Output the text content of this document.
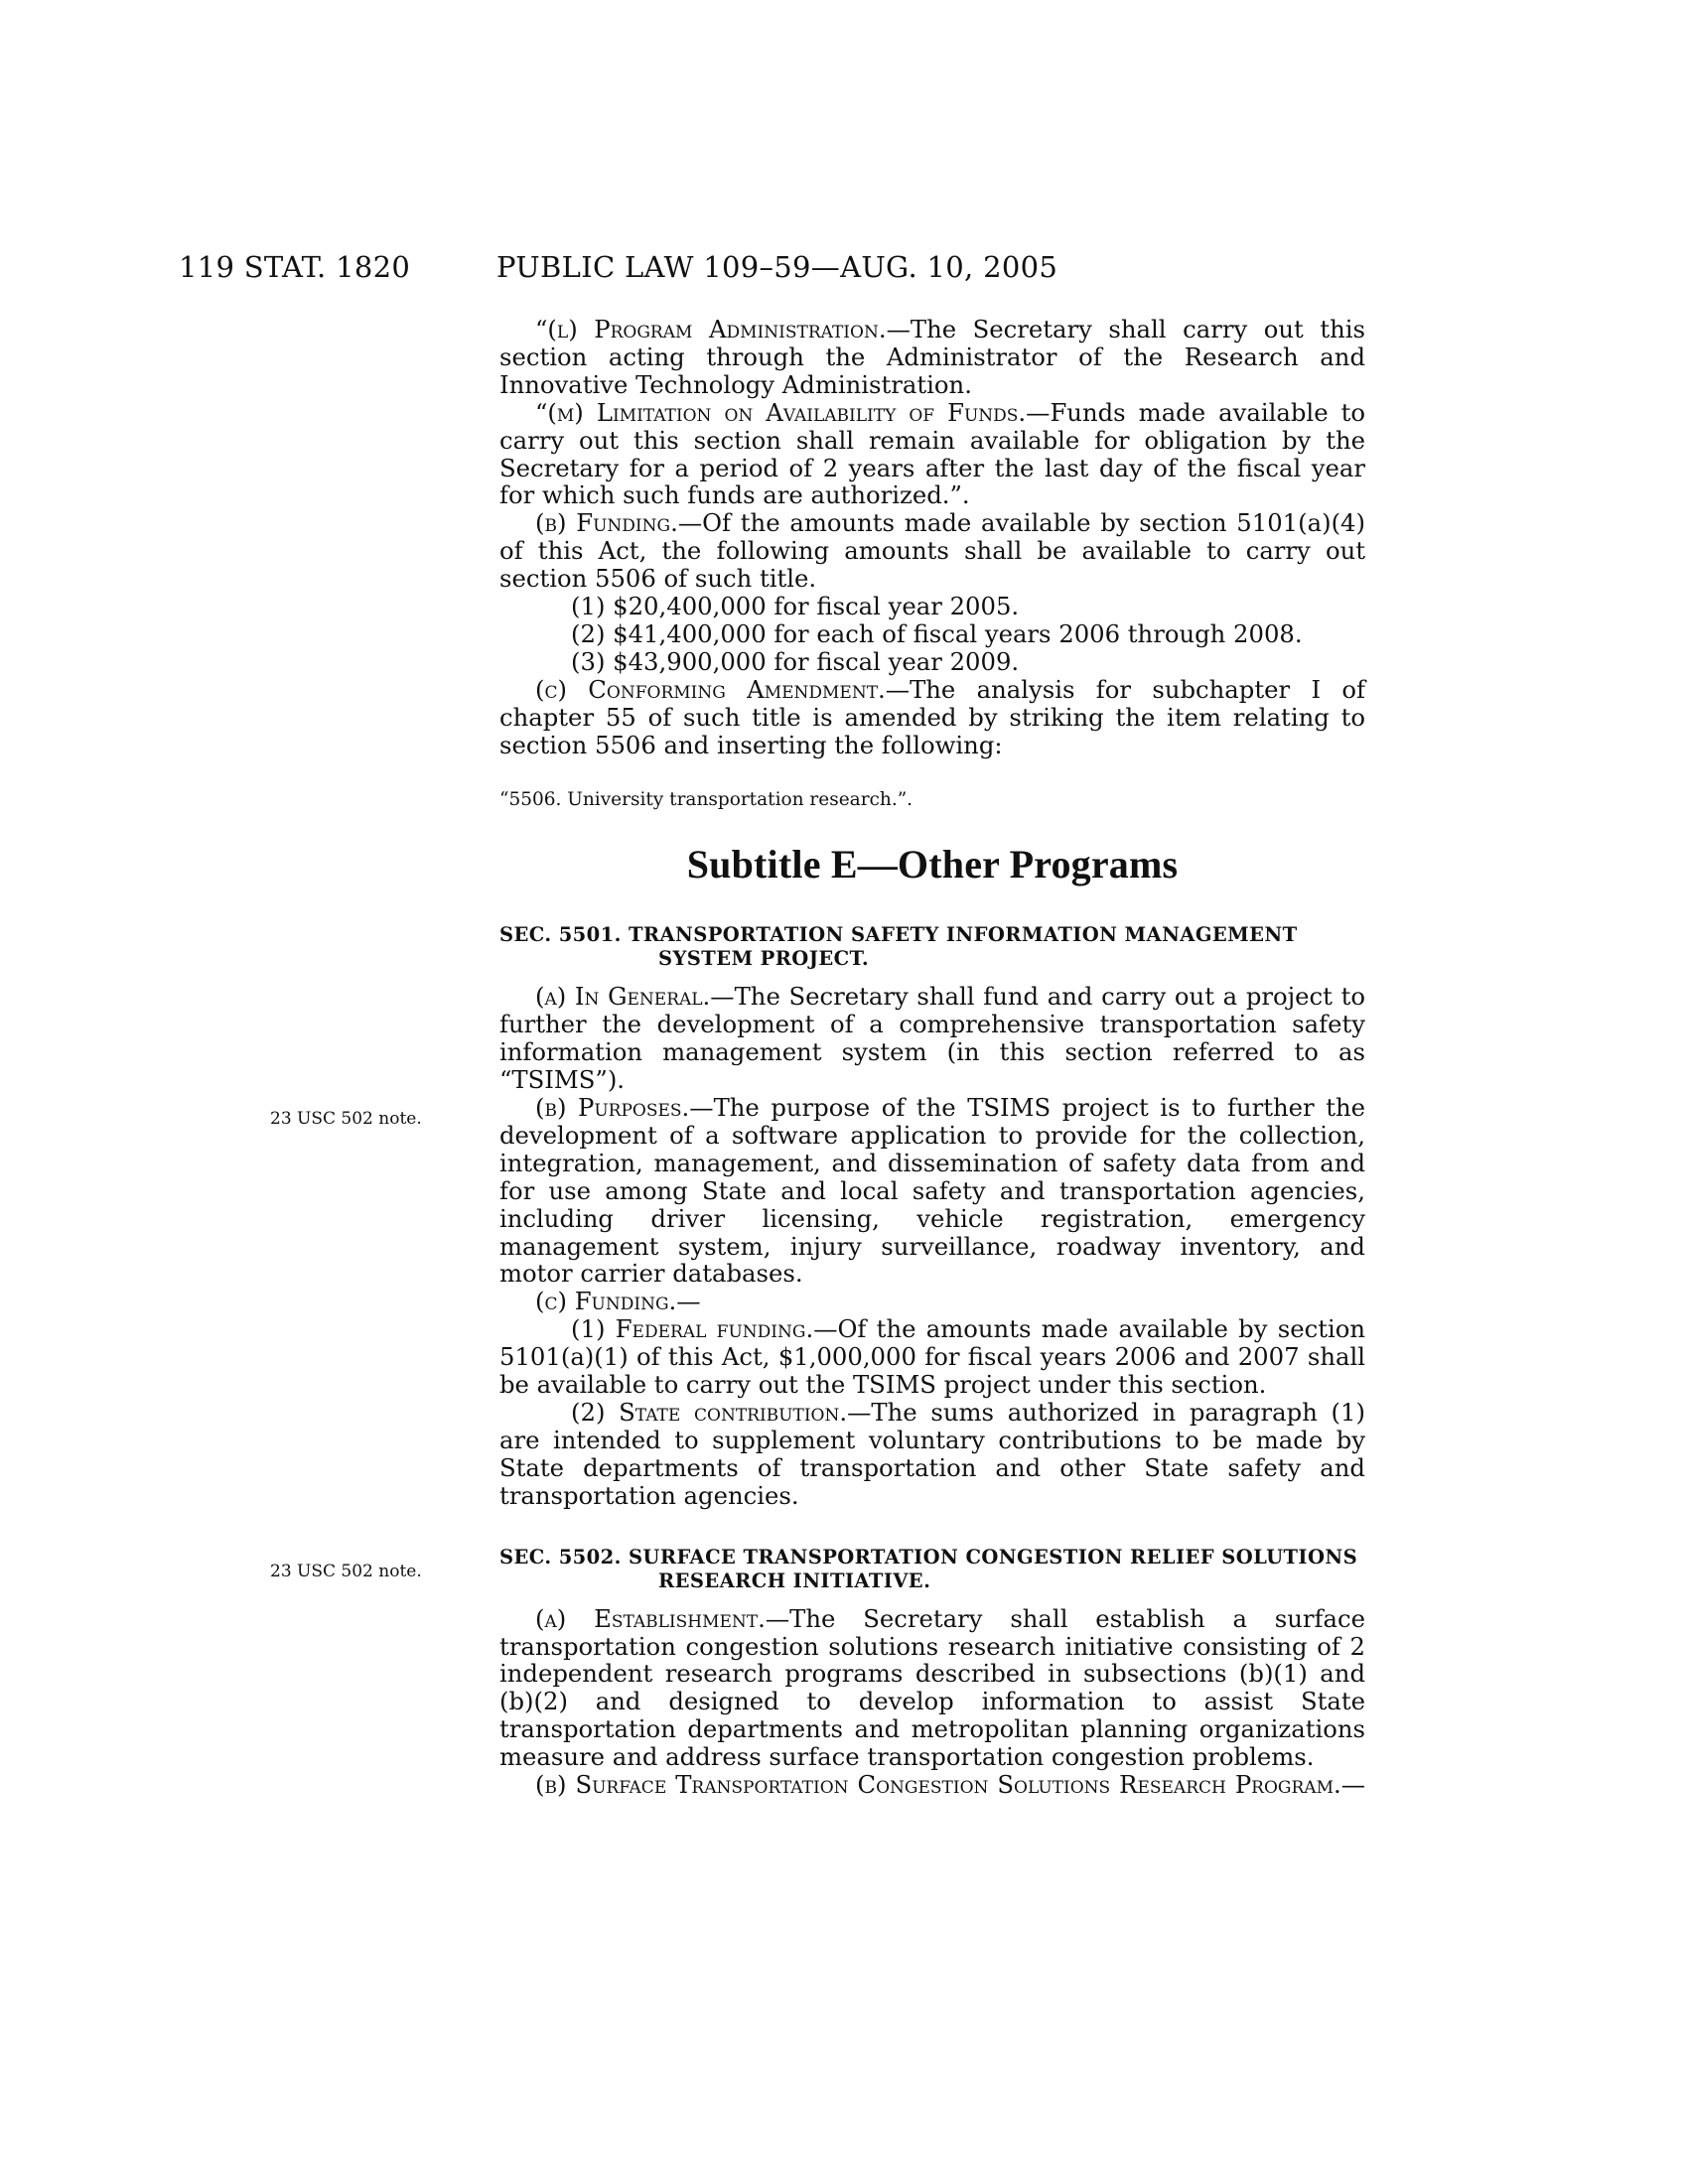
119 STAT. 1820	PUBLIC LAW 109–59—AUG. 10, 2005
23 USC 502 note.
23 USC 502 note.

“(l) Program Administration.—The Secretary shall carry out this section acting through the Administrator of the Research and Innovative Technology Administration.

“(m) Limitation on Availability of Funds.—Funds made available to carry out this section shall remain available for obligation by the Secretary for a period of 2 years after the last day of the fiscal year for which such funds are authorized.”.

(b) Funding.—Of the amounts made available by section 5101(a)(4) of this Act, the following amounts shall be available to carry out section 5506 of such title.

(1) $20,400,000 for fiscal year 2005.

(2) $41,400,000 for each of fiscal years 2006 through 2008.

(3) $43,900,000 for fiscal year 2009.

(c) Conforming Amendment.—The analysis for subchapter I of chapter 55 of such title is amended by striking the item relating to section 5506 and inserting the following:

“5506. University transportation research.”.

Subtitle E—Other Programs

SEC. 5501. TRANSPORTATION SAFETY INFORMATION MANAGEMENT SYSTEM PROJECT.

(a) In General.—The Secretary shall fund and carry out a project to further the development of a comprehensive transportation safety information management system (in this section referred to as “TSIMS”).

(b) Purposes.—The purpose of the TSIMS project is to further the development of a software application to provide for the collection, integration, management, and dissemination of safety data from and for use among State and local safety and transportation agencies, including driver licensing, vehicle registration, emergency management system, injury surveillance, roadway inventory, and motor carrier databases.

(c) Funding.—

(1) Federal funding.—Of the amounts made available by section 5101(a)(1) of this Act, $1,000,000 for fiscal years 2006 and 2007 shall be available to carry out the TSIMS project under this section.

(2) State contribution.—The sums authorized in paragraph (1) are intended to supplement voluntary contributions to be made by State departments of transportation and other State safety and transportation agencies.

SEC. 5502. SURFACE TRANSPORTATION CONGESTION RELIEF SOLUTIONS RESEARCH INITIATIVE.

(a) Establishment.—The Secretary shall establish a surface transportation congestion solutions research initiative consisting of 2 independent research programs described in subsections (b)(1) and (b)(2) and designed to develop information to assist State transportation departments and metropolitan planning organizations measure and address surface transportation congestion problems.

(b) Surface Transportation Congestion Solutions Research Program.—
